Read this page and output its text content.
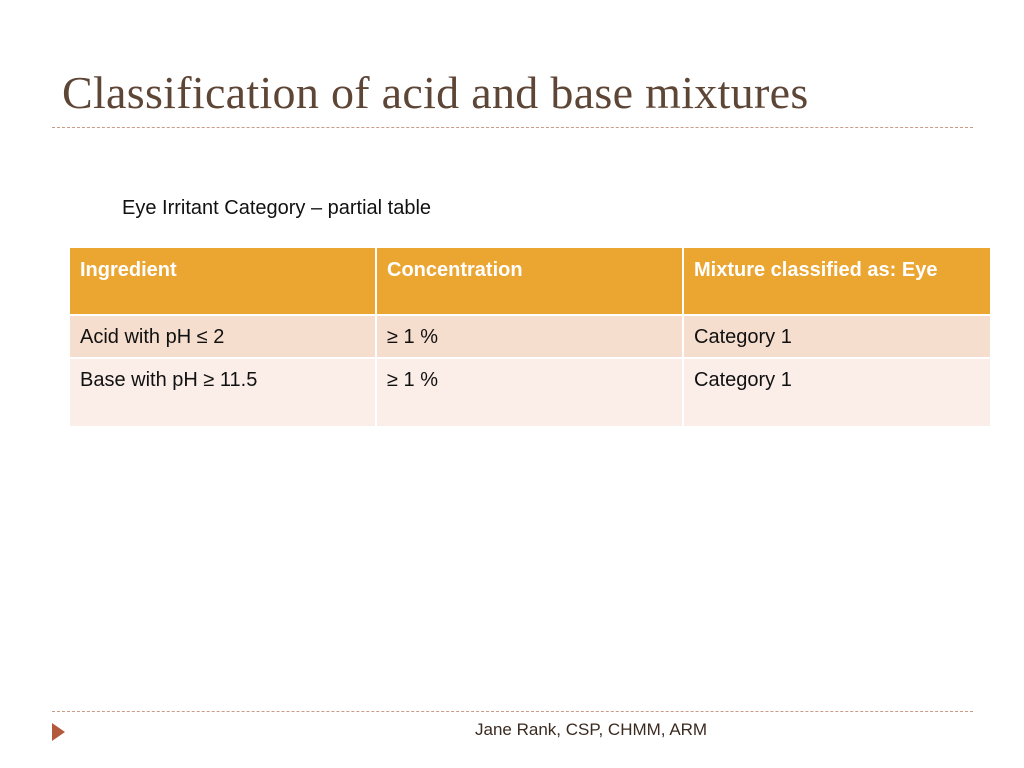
Classification of acid and base mixtures
Eye Irritant Category – partial table
Ingredient	Concentration	Mixture classified as: Eye
Acid with pH ≤ 2	≥ 1 %	Category 1
Base with pH ≥ 11.5	≥ 1 %	Category 1
Jane Rank, CSP, CHMM, ARM
